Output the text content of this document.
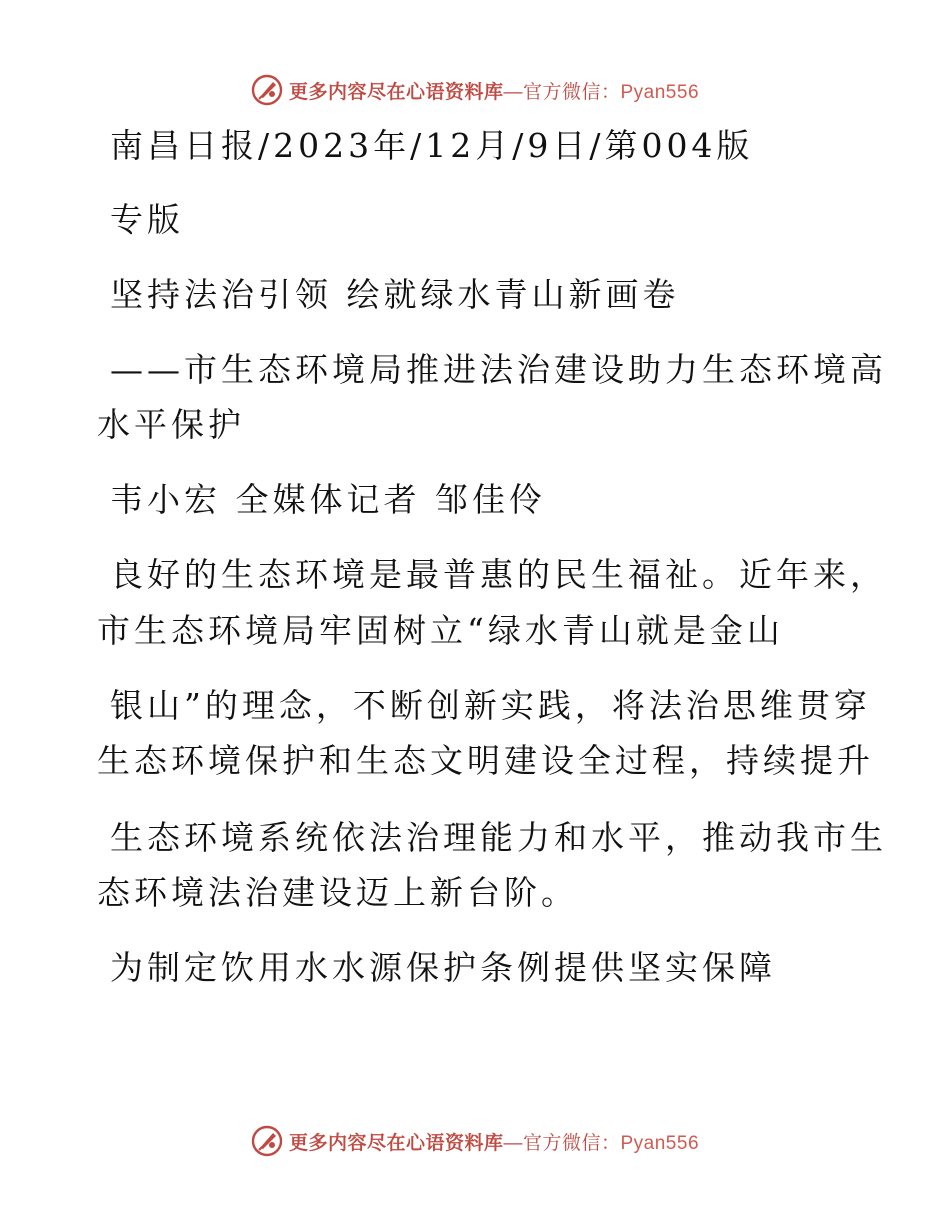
更多内容尽在心语资料库—官方微信：Pyan556
南昌日报/2023年/12月/9日/第004版
专版
坚持法治引领 绘就绿水青山新画卷
——市生态环境局推进法治建设助力生态环境高
水平保护
韦小宏 全媒体记者 邹佳伶
良好的生态环境是最普惠的民生福祉。近年来，
市生态环境局牢固树立“绿水青山就是金山
银山”的理念，不断创新实践，将法治思维贯穿
生态环境保护和生态文明建设全过程，持续提升
生态环境系统依法治理能力和水平，推动我市生
态环境法治建设迈上新台阶。
为制定饮用水水源保护条例提供坚实保障
更多内容尽在心语资料库—官方微信：Pyan556
